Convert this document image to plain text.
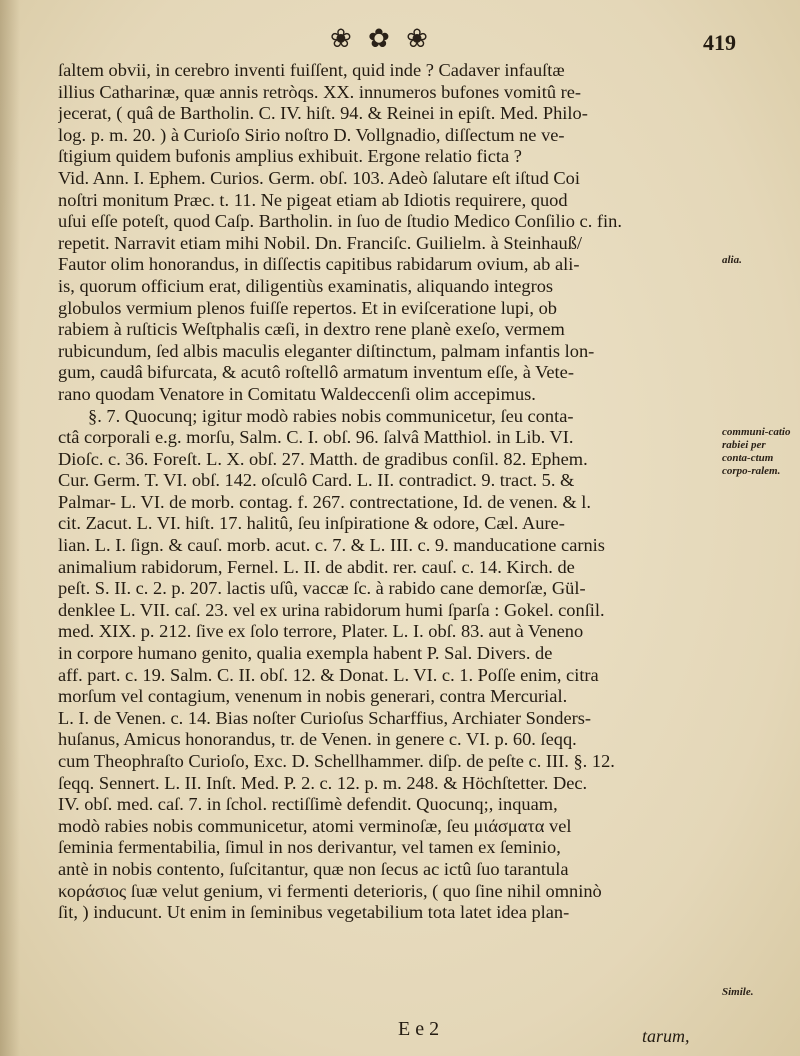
❀ ✿ ❀	419
ſaltem obvii, in cerebro inventi fuiſſent, quid inde ? Cadaver infauſtæ
illius Catharinæ, quæ annis retròqs. XX. innumeros bufones vomitû re-
jecerat, ( quâ de Bartholin. C. IV. hiſt. 94. & Reinei in epiſt. Med. Philo-
log. p. m. 20. ) à Curioſo Sirio noſtro D. Vollgnadio, diſſectum ne ve-
ſtigium quidem bufonis amplius exhibuit. Ergone relatio ficta ?
Vid. Ann. I. Ephem. Curios. Germ. obſ. 103. Adeò ſalutare eſt iſtud Coi
noſtri monitum Præc. t. 11. Ne pigeat etiam ab Idiotis requirere, quod
uſui eſſe poteſt, quod Caſp. Bartholin. in ſuo de ſtudio Medico Conſilio c. fin.
repetit. Narravit etiam mihi Nobil. Dn. Franciſc. Guilielm. à Steinhauß/
Fautor olim honorandus, in diſſectis capitibus rabidarum ovium, ab ali-
is, quorum officium erat, diligentiùs examinatis, aliquando integros
globulos vermium plenos fuiſſe repertos. Et in eviſceratione lupi, ob
rabiem à ruſticis Weſtphalis cæſi, in dextro rene planè exeſo, vermem
rubicundum, ſed albis maculis eleganter diſtinctum, palmam infantis lon-
gum, caudâ bifurcata, & acutô roſtellô armatum inventum eſſe, à Vete-
rano quodam Venatore in Comitatu Waldeccenſi olim accepimus.
§. 7. Quocunq; igitur modò rabies nobis communicetur, ſeu conta-
ctâ corporali e.g. morſu, Salm. C. I. obſ. 96. ſalvâ Matthiol. in Lib. VI.
Dioſc. c. 36. Foreſt. L. X. obſ. 27. Matth. de gradibus conſil. 82. Ephem.
Cur. Germ. T. VI. obſ. 142. oſculô Card. L. II. contradict. 9. tract. 5. &
Palmar- L. VI. de morb. contag. f. 267. contrectatione, Id. de venen. & l.
cit. Zacut. L. VI. hiſt. 17. halitû, ſeu inſpiratione & odore, Cæl. Aure-
lian. L. I. ſign. & cauſ. morb. acut. c. 7. & L. III. c. 9. manducatione carnis
animalium rabidorum, Fernel. L. II. de abdit. rer. cauſ. c. 14. Kirch. de
peſt. S. II. c. 2. p. 207. lactis uſû, vaccæ ſc. à rabido cane demorſæ, Gül-
denklee L. VII. caſ. 23. vel ex urina rabidorum humi ſparſa : Gokel. conſil.
med. XIX. p. 212. ſive ex ſolo terrore, Plater. L. I. obſ. 83. aut à Veneno
in corpore humano genito, qualia exempla habent P. Sal. Divers. de
aff. part. c. 19. Salm. C. II. obſ. 12. & Donat. L. VI. c. 1. Poſſe enim, citra
morſum vel contagium, venenum in nobis generari, contra Mercurial.
L. I. de Venen. c. 14. Bias noſter Curioſus Scharffius, Archiater Sonders-
huſanus, Amicus honorandus, tr. de Venen. in genere c. VI. p. 60. ſeqq.
cum Theophraſto Curioſo, Exc. D. Schellhammer. diſp. de peſte c. III. §. 12.
ſeqq. Sennert. L. II. Inſt. Med. P. 2. c. 12. p. m. 248. & Höchſtetter. Dec.
IV. obſ. med. caſ. 7. in ſchol. rectiſſimè defendit. Quocunq;, inquam,
modò rabies nobis communicetur, atomi verminoſæ, ſeu μιάσματα vel
ſeminia fermentabilia, ſimul in nos derivantur, vel tamen ex ſeminio,
antè in nobis contento, ſuſcitantur, quæ non ſecus ac ictû ſuo tarantula
κοράσιος ſuæ velut genium, vi fermenti deterioris, ( quo ſine nihil omninò
ſit, ) inducunt. Ut enim in ſeminibus vegetabilium tota latet idea plan-
alia.
communi-catio rabiei per conta-ctum corpo-ralem.
Simile.
E e 2	tarum,
